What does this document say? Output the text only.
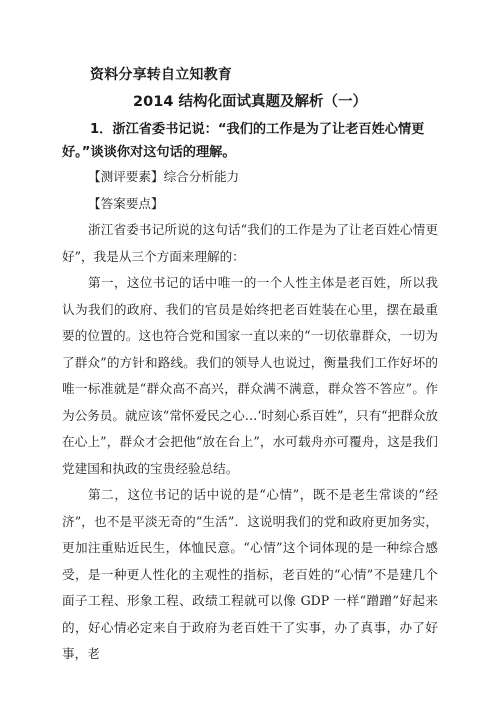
资料分享转自立知教育
2014 结构化面试真题及解析（一）
1．浙江省委书记说：“我们的工作是为了让老百姓心情更好。”谈谈你对这句话的理解。
【测评要素】综合分析能力
【答案要点】

浙江省委书记所说的这句话“我们的工作是为了让老百姓心情更好”，我是从三个方面来理解的：

第一，这位书记的话中唯一的一个人性主体是老百姓，所以我认为我们的政府、我们的官员是始终把老百姓装在心里，摆在最重要的位置的。这也符合党和国家一直以来的“一切依靠群众，一切为了群众”的方针和路线。我们的领导人也说过，衡量我们工作好坏的唯一标准就是“群众高不高兴，群众满不满意，群众答不答应”。作为公务员。就应该“常怀爱民之心…‘时刻心系百姓”，只有“把群众放在心上”，群众才会把他“放在台上”，水可载舟亦可覆舟，这是我们党建国和执政的宝贵经验总结。

第二，这位书记的话中说的是“心情”，既不是老生常谈的“经济”，也不是平淡无奇的“生活”．这说明我们的党和政府更加务实，更加注重贴近民生，体恤民意。“心情”这个词体现的是一种综合感受，是一种更人性化的主观性的指标，老百姓的“心情”不是建几个面子工程、形象工程、政绩工程就可以像 GDP 一样“蹭蹭”好起来的，好心情必定来自于政府为老百姓干了实事，办了真事，办了好事，老
